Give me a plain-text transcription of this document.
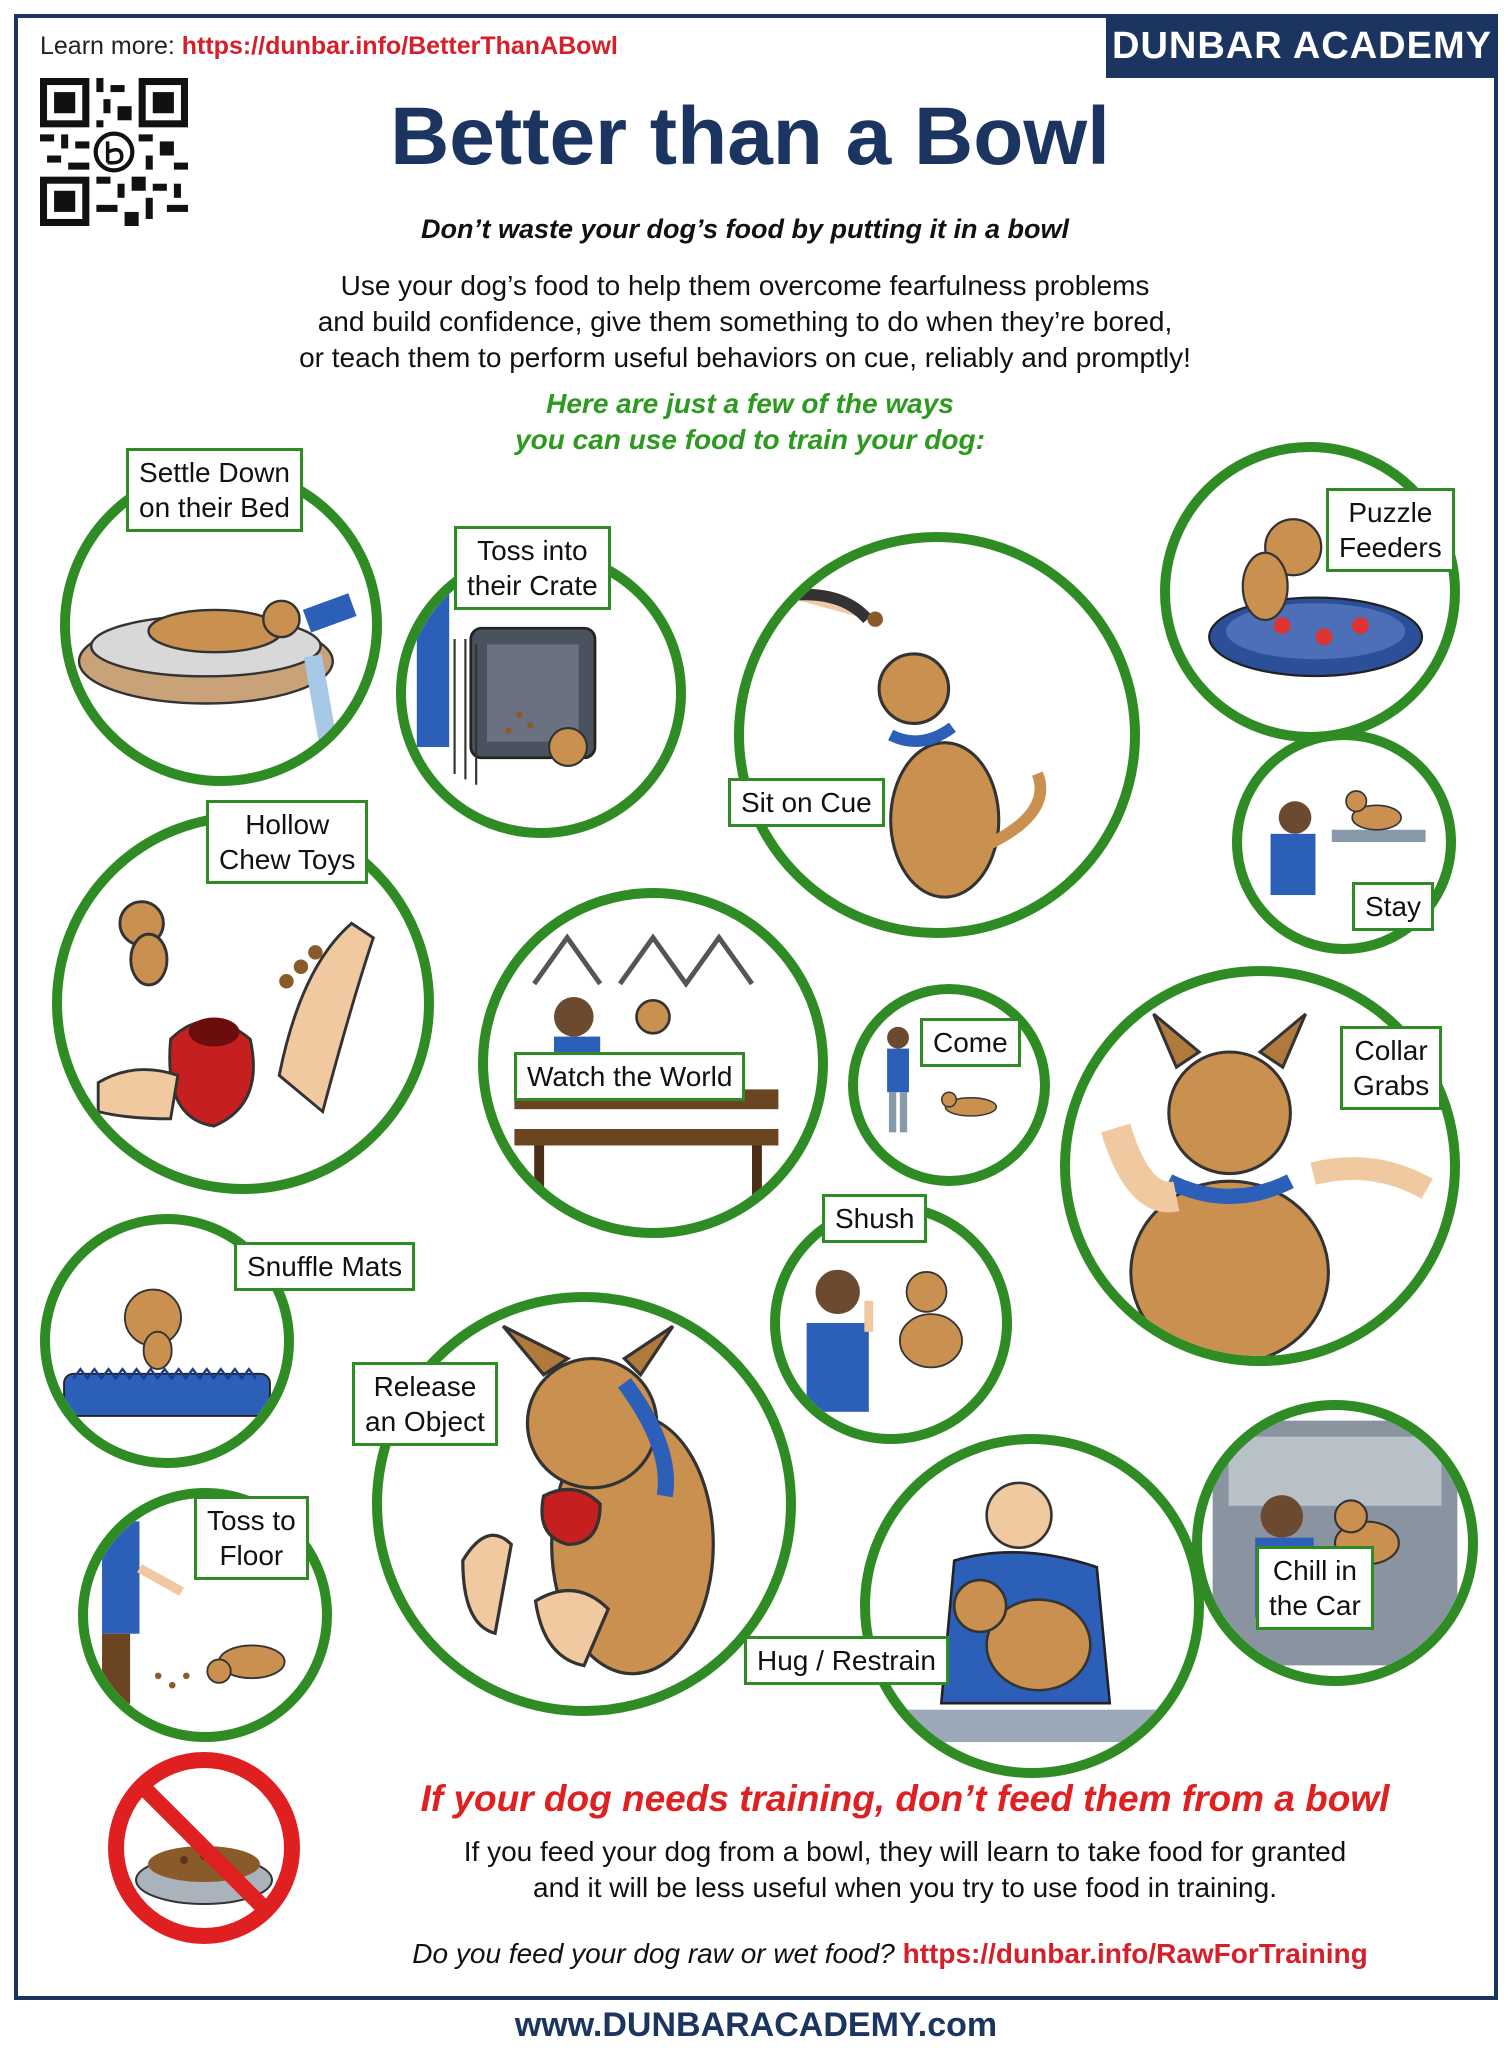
Learn more: https://dunbar.info/BetterThanABowl	DUNBAR ACADEMY
Better than a Bowl
Don’t waste your dog’s food by putting it in a bowl
Use your dog’s food to help them overcome fearfulness problems
and build confidence, give them something to do when they’re bored,
or teach them to perform useful behaviors on cue, reliably and promptly!
Here are just a few of the ways
you can use food to train your dog:
Settle Down
on their Bed
Toss into
their Crate
Sit on Cue
Puzzle
Feeders
Hollow
Chew Toys
Watch the World
Stay
Come	Collar
Grabs
Snuffle Mats
Shush
Release
an Object
Toss to
Floor
Hug / Restrain
Chill in
the Car
If your dog needs training, don’t feed them from a bowl
If you feed your dog from a bowl, they will learn to take food for granted
and it will be less useful when you try to use food in training.
Do you feed your dog raw or wet food? https://dunbar.info/RawForTraining
www.DUNBARACADEMY.com
